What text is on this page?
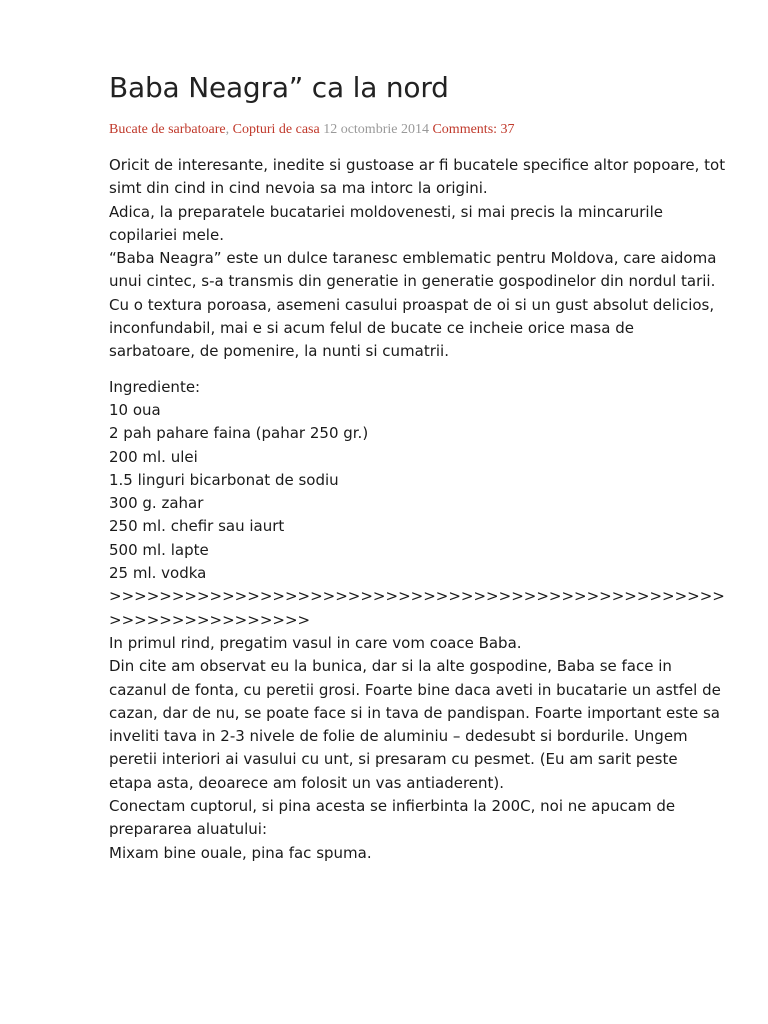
Baba Neagra” ca la nord
Bucate de sarbatoare, Copturi de casa 12 octombrie 2014 Comments: 37
Oricit de interesante, inedite si gustoase ar fi bucatele specifice altor popoare, tot
simt din cind in cind nevoia sa ma intorc la origini.
Adica, la preparatele bucatariei moldovenesti, si mai precis la mincarurile
copilariei mele.
“Baba Neagra” este un dulce taranesc emblematic pentru Moldova, care aidoma
unui cintec, s-a transmis din generatie in generatie gospodinelor din nordul tarii.
Cu o textura poroasa, asemeni casului proaspat de oi si un gust absolut delicios,
inconfundabil, mai e si acum felul de bucate ce incheie orice masa de
sarbatoare, de pomenire, la nunti si cumatrii.
Ingrediente:
10 oua
2 pah pahare faina (pahar 250 gr.)
200 ml. ulei
1.5 linguri bicarbonat de sodiu
300 g. zahar
250 ml. chefir sau iaurt
500 ml. lapte
25 ml. vodka
>>>>>>>>>>>>>>>>>>>>>>>>>>>>>>>>>>>>>>>>>>>>>>>>>
>>>>>>>>>>>>>>>>
In primul rind, pregatim vasul in care vom coace Baba.
Din cite am observat eu la bunica, dar si la alte gospodine, Baba se face in
cazanul de fonta, cu peretii grosi. Foarte bine daca aveti in bucatarie un astfel de
cazan, dar de nu, se poate face si in tava de pandispan. Foarte important este sa
inveliti tava in 2-3 nivele de folie de aluminiu – dedesubt si bordurile. Ungem
peretii interiori ai vasului cu unt, si presaram cu pesmet. (Eu am sarit peste
etapa asta, deoarece am folosit un vas antiaderent).
Conectam cuptorul, si pina acesta se infierbinta la 200C, noi ne apucam de
prepararea aluatului:
Mixam bine ouale, pina fac spuma.
